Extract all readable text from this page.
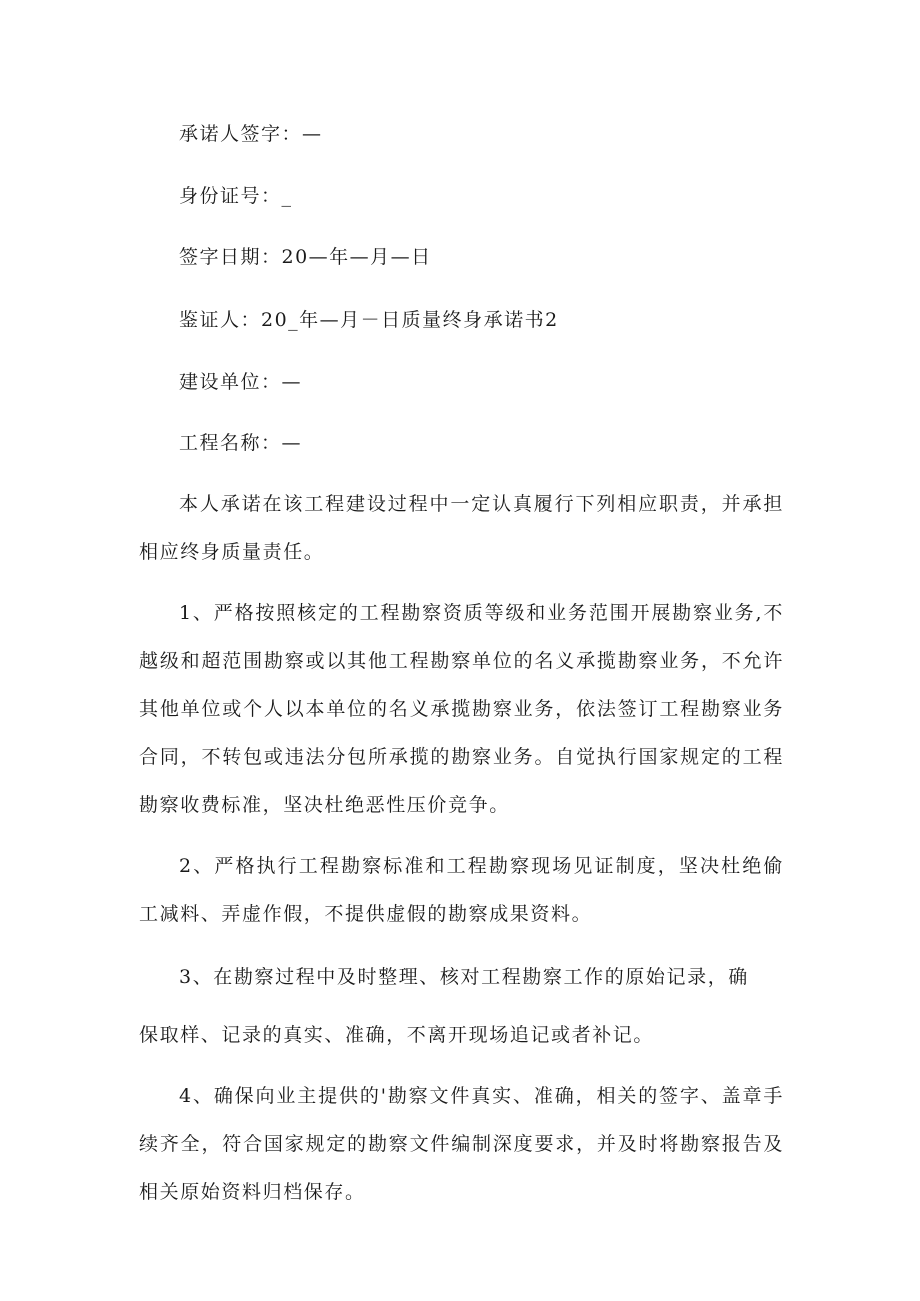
承诺人签字：—
身份证号：_
签字日期：20—年—月—日
鉴证人：20_年—月－日质量终身承诺书2
建设单位：—
工程名称：—
本人承诺在该工程建设过程中一定认真履行下列相应职责，并承担相应终身质量责任。
1、严格按照核定的工程勘察资质等级和业务范围开展勘察业务,不越级和超范围勘察或以其他工程勘察单位的名义承揽勘察业务，不允许其他单位或个人以本单位的名义承揽勘察业务，依法签订工程勘察业务合同，不转包或违法分包所承揽的勘察业务。自觉执行国家规定的工程勘察收费标准，坚决杜绝恶性压价竞争。
2、严格执行工程勘察标准和工程勘察现场见证制度，坚决杜绝偷工减料、弄虚作假，不提供虚假的勘察成果资料。
3、在勘察过程中及时整理、核对工程勘察工作的原始记录，确
保取样、记录的真实、准确，不离开现场追记或者补记。
4、确保向业主提供的'勘察文件真实、准确，相关的签字、盖章手续齐全，符合国家规定的勘察文件编制深度要求，并及时将勘察报告及相关原始资料归档保存。
